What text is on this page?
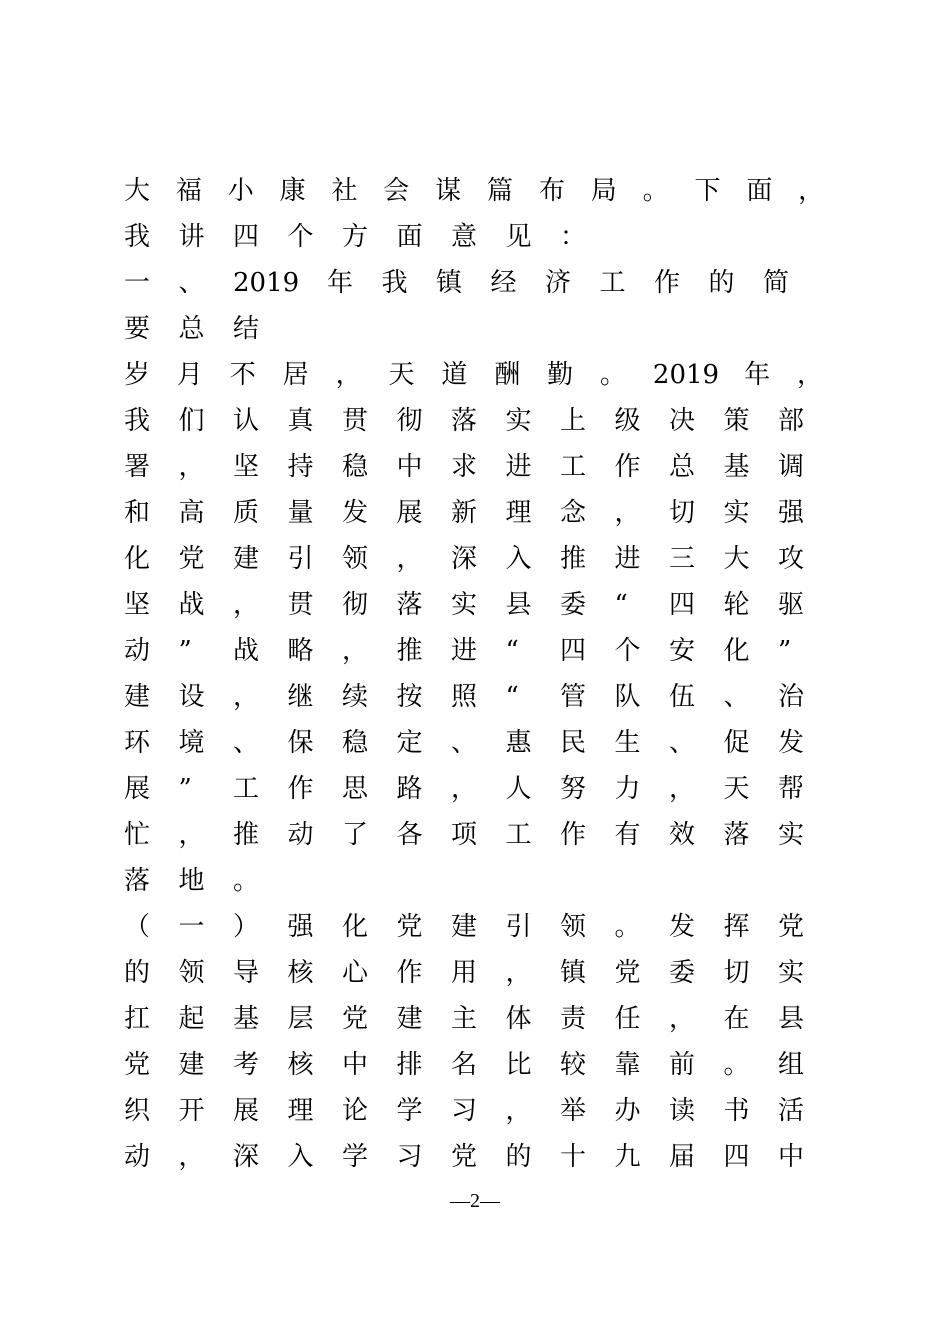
大 福 小 康 社 会 谋 篇 布 局 。 下 面 ，
我	讲	四	个	方	面	意	见	：
一	、	2019	年	我	镇	经	济	工	作	的	简
要	总	结
岁	月	不	居	，	天	道	酬	勤	。	2019 年	，
我	们	认	真	贯	彻	落	实	上	级	决	策	部
署	，	坚	持	稳	中	求	进	工	作	总	基	调
和	高	质	量	发	展	新	理	念	，	切	实	强
化	党	建	引	领	，	深	入	推	进	三	大	攻
坚	战	，	贯	彻	落	实	县	委	“	四	轮	驱
动	”	战	略	，	推	进	“	四	个	安	化	”
建	设	，	继	续	按	照	“	管	队	伍	、	治
环	境	、	保	稳	定	、	惠	民	生	、	促	发
展	”	工	作	思	路	，	人	努	力	，	天	帮
忙	，	推	动	了	各	项	工	作	有	效	落	实
落	地	。
（	一	）	强	化	党	建	引	领	。	发	挥	党
的	领	导	核	心	作	用	，	镇	党	委	切	实
扛	起	基	层	党	建	主	体	责	任	，	在	县
党	建	考	核	中	排	名	比	较	靠	前	。	组
织	开	展	理	论	学	习	，	举	办	读	书	活
动	，	深	入	学	习	党	的	十	九	届	四	中
—2—
